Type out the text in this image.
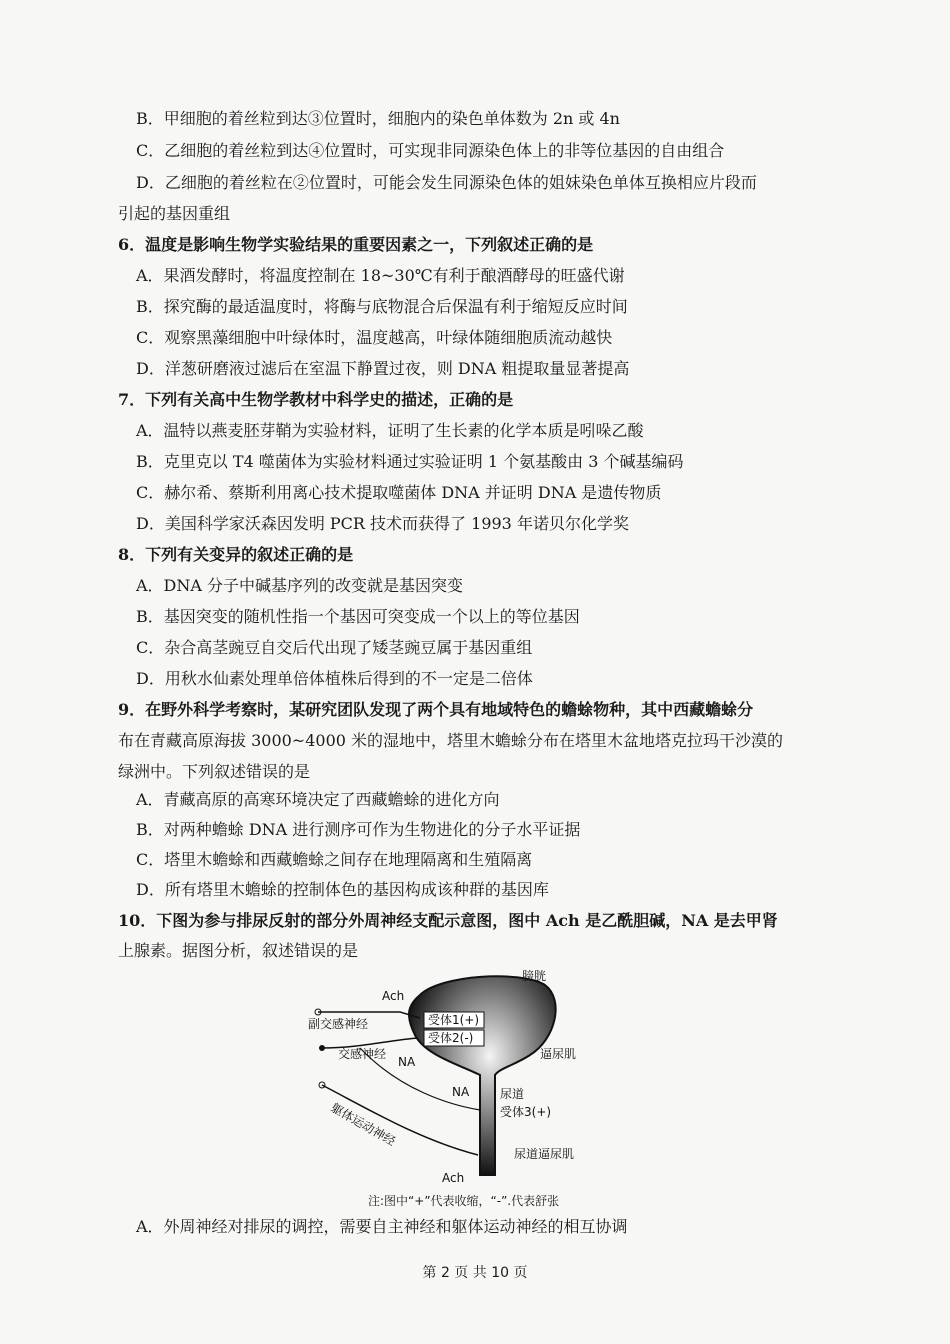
B．甲细胞的着丝粒到达③位置时，细胞内的染色单体数为 2n 或 4n
C．乙细胞的着丝粒到达④位置时，可实现非同源染色体上的非等位基因的自由组合
D．乙细胞的着丝粒在②位置时，可能会发生同源染色体的姐妹染色单体互换相应片段而
引起的基因重组
6．温度是影响生物学实验结果的重要因素之一，下列叙述正确的是
A．果酒发酵时，将温度控制在 18~30℃有利于酿酒酵母的旺盛代谢
B．探究酶的最适温度时，将酶与底物混合后保温有利于缩短反应时间
C．观察黑藻细胞中叶绿体时，温度越高，叶绿体随细胞质流动越快
D．洋葱研磨液过滤后在室温下静置过夜，则 DNA 粗提取量显著提高
7．下列有关高中生物学教材中科学史的描述，正确的是
A．温特以燕麦胚芽鞘为实验材料，证明了生长素的化学本质是吲哚乙酸
B．克里克以 T4 噬菌体为实验材料通过实验证明 1 个氨基酸由 3 个碱基编码
C．赫尔希、蔡斯利用离心技术提取噬菌体 DNA 并证明 DNA 是遗传物质
D．美国科学家沃森因发明 PCR 技术而获得了 1993 年诺贝尔化学奖
8．下列有关变异的叙述正确的是
A．DNA 分子中碱基序列的改变就是基因突变
B．基因突变的随机性指一个基因可突变成一个以上的等位基因
C．杂合高茎豌豆自交后代出现了矮茎豌豆属于基因重组
D．用秋水仙素处理单倍体植株后得到的不一定是二倍体
9．在野外科学考察时，某研究团队发现了两个具有地域特色的蟾蜍物种，其中西藏蟾蜍分
布在青藏高原海拔 3000~4000 米的湿地中，塔里木蟾蜍分布在塔里木盆地塔克拉玛干沙漠的
绿洲中。下列叙述错误的是
A．青藏高原的高寒环境决定了西藏蟾蜍的进化方向
B．对两种蟾蜍 DNA 进行测序可作为生物进化的分子水平证据
C．塔里木蟾蜍和西藏蟾蜍之间存在地理隔离和生殖隔离
D．所有塔里木蟾蜍的控制体色的基因构成该种群的基因库
10．下图为参与排尿反射的部分外周神经支配示意图，图中 Ach 是乙酰胆碱，NA 是去甲肾
上腺素。据图分析，叙述错误的是
受体1(+)
受体2(-)
膀胱
Ach
副交感神经
交感神经
NA
逼尿肌
NA	尿道
受体3(+)
躯体运动神经
尿道逼尿肌
Ach
注:图中“+”代表收缩，“-”.代表舒张
A．外周神经对排尿的调控，需要自主神经和躯体运动神经的相互协调
第 2 页 共 10 页
